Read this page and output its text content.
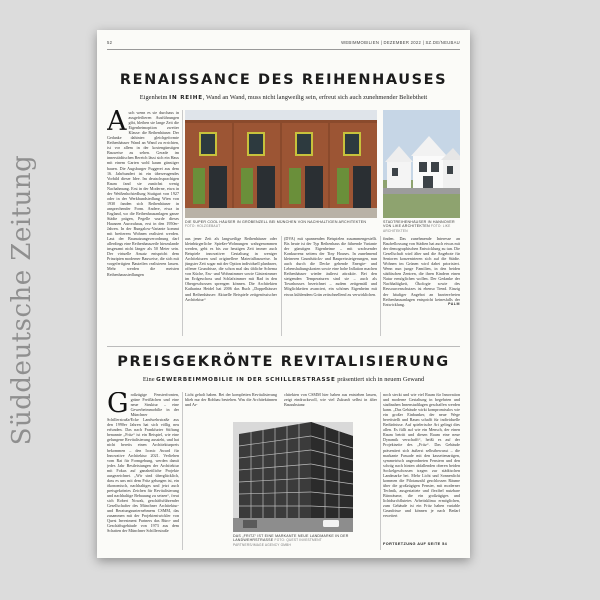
Süddeutsche Zeitung
52	WEBIMMOBILIEN | DEZEMBER 2022 | SZ.DE/NEUBAU
RENAISSANCE DES REIHENHAUSES
Eigenheim IN REIHE, Wand an Wand, muss nicht langweilig sein, erfreut sich auch zunehmender Beliebtheit
Auch wenn es sie durchaus in ausgefeilteren Ausführungen gibt, bleiben sie lange Zeit die Eigenheimoption zweiter Klasse: die Reihenhäuser. Der Gedanke dahinter: gleichgeformte Reihenhäuser Wand an Wand zu errichten, ist vor allem in der kostengünstigen Bauweise zu sehen. Gerade im innerstädtischen Bereich lässt sich ein Haus mit einem Garten wohl kaum günstiger bauen. Die Augsburger Fuggerei aus dem 16. Jahrhundert ist ein überzeugendes Vorbild dieser Idee. Im deutschsprachigen Raum fand sie zunächst wenig Nachahmung. Erst in der Moderne, etwa in der Weißenhofsiedlung Stuttgart von 1927 oder in der Werkbundsiedlung Wien von 1930 fanden sich Reihenhäuser in ansprechender Form. Andere, etwa in England, wo die Reihenhausanlagen ganze Städte prägen, Pegelle wurde dieses Hausnen Aurorahaus, erst in den 1950er-Jahren. In der Bungalow-Variante kommt mit breiterem Wohnen realisiert werden. Laut der Baunutzungsverordnung darf allerdings eine Reihenhauszeile hierzulande insgesamt nicht länger als 50 Meter sein. Der virtuelle Ansatz entspricht dem Prinzipien moderner Bauweise, die sich mit vorgefertigten Bauteilen realisieren lassen. Mehr werden die meisten Reihenhaussiedlungen
DIE SUPER COOL HÄUSER IN GRÖBENZELL BEI MÜNCHEN VON NACHHALTIGEN ARCHITEKTEN FOTO: HOLZGEBAUT
STADTREIHENHÄUSER IN HANNOVER VON LIKE ARCHITEKTEN FOTO: LIKE ARCHITEKTEN
aus jener Zeit als langweilige Reihenhäuser oder kleinbürgerliche Spießer-Wohnungen wahrgenommen werden, geht es bis zur heutigen Zeit immer auch Beispiele innovativer Gestaltung in weniger Architekturen und originellere Materialbauweise. In jüngster Zeit sogar mit der Option individuell planbarer, offener Grundrisse, die schon mal das übliche Schema von Küche, Ess- und Wohnzimmer sowie Gästezimmer im Erdgeschoss und Schlafzimmer mit Bad in den Obergeschossen sprengen können. Die Architekten Katharina Heidel hat 2006 das Buch „Doppelhäuser und Reihenhäuser: Aktuelle Beispiele zeitgenössischer Architektur“
(DVA) mit spannenden Beispielen zusammengestellt. Bis heute ist der Typ Reihenhaus die führende Variante der günstigen Eigenheime – mit wachsender Konkurrenz seitens der Tiny Houses. In zunehmend kleineren Grundstücks- und Baupreissteigerungen, nun auch durch die Decke gehende Energie- und Lebenshaltungskosten sowie eine hohe Inflation machen Reihenhäuser wieder äußerst attraktiv. Bei den steigenden Temperaturen sind sie – auch als Townhouses bezeichnet – zudem zeitgemäß und Möglichkeiten avanciert, ein schönes Eigenheim mit etwas kühlendem Grün zeitschnellend zu verwirklichen.
finden. Das zunehmende Interesse an Baufrellossung von Städten hat auch etwas mit der demographischen Entwicklung zu tun. Die Gesellschaft wird älter und die Angebote für Senioren konzentrieren sich auf die Städte. Wohnen im Grünen wird dabei priorisiert. Wenn nun junge Familien, in den beiden städtischen Zentren, die ihren Kindern einen Natur ermöglichen wollen. Der Gedanke der Nachhaltigkeit, Ökologie sowie des Ressourcenschutzes ist ebenso Trend. Einzig der häufiger Angebot an barrierefreien Reihenhausanlagen entspricht keinesfalls der Entwicklung.	PALM
PREISGEKRÖNTE REVITALISIERUNG
Eine GEWERBEIMMOBILIE IN DER SCHILLERSTRASSE präsentiert sich in neuem Gewand
Großzügige Fensterfronten, grüne Freiflächen und eine neue Struktur – eine Gewerbeimmobilie in der Münchner Schillerstraße/Ecke Landwehrstraße aus den 1990er Jahren hat sich völlig neu erfunden. Das nach Frankfurter Stiftung benannte „Fritz“ ist ein Beispiel, wie eine gelungene Revitalisierung aussieht, und hat nicht bereits einen Architekturpreis bekommen – den Iconic Award für Innovative Architektur 2021. Verliehen vom Rat für Formgebung, werden damit jedes Jahr Bestleistungen der Architektur mit Fokus auf ganzheitliche Projekte ausgezeichnet. „Wir sind überglücklich, dass es uns mit dem Fritz gelungen ist, ein ökonomisch, nachhaltiges und jetzt auch preisgekröntes Zeichen für Revitalisierung und nachhaltige Bebauung zu setzen“, freut sich Robert Nowak, geschäftsführender Gesellschafter des Münchner Architektur- und Beratungsunternehmens CSMM, das zusammen mit der Projektentwickler von Quest Investment Partners das Büro- und Geschäftsgebäude von 1973 aus dem Schatten der Münchner Schillerstraße
Licht geholt haben. Bei der kompletten Revitalisierung blieb nur der Rohbau bestehen. Was die Architektinnen und Ar-
chitekten von CSMM hier haben aus entstehen lassen, zeigt eindrucksvoll, wie viel Zukunft selbst in älter Bausubstanz
DAS „FRITZ“ IST EINE MARKANTE NEUE LANDMARKE IN DER LANDWEHRSTRASSE FOTO: QUEST INVESTMENT PARTNERS/IMAGE AGENCY GMBH
noch steckt und wie viel Raum für Innovation und moderne Gestaltung in begehrten und stadtnahen Innenstadtlagen geschaffen werden kann. „Das Gebäude wirkt kompromisslos wie ein großer Einbunker, der neue Wege bereitstellt und Raum schafft für individuelle Bedürfnisse. Auf spielerische Art gelingt dies allen. Es füllt auf wie ein Mensch, der einen Raum betritt und diesen Raum eine neue Dynamik verschafft“, heißt es auf der Projektseite des „Fritz“. Das Gebäude präsentiert sich äußerst selbstbewusst – die markante Fassade mit den kassettenartigen, symmetrisch angeordneten Fenstern und den schräg nach hinten abfallenden oberen beiden Sockelgeschossen tragen zur städtischen Landmarke bei. Mehr Licht und Sonnenlicht kommen die Pilotanzahl geschlossen Räume über die großzügigen Fenster, mit moderner Technik, ausgestattete und flexibel nutzbare Büroräume, die ein großzügiges und lichtdurchflutetes Arbeitsklima ermöglichen, zum Gebäude ist ein Fritz haben variable Grundrisse und können je nach Bedarf erweitert
FORTSETZUNG AUF SEITE 54
